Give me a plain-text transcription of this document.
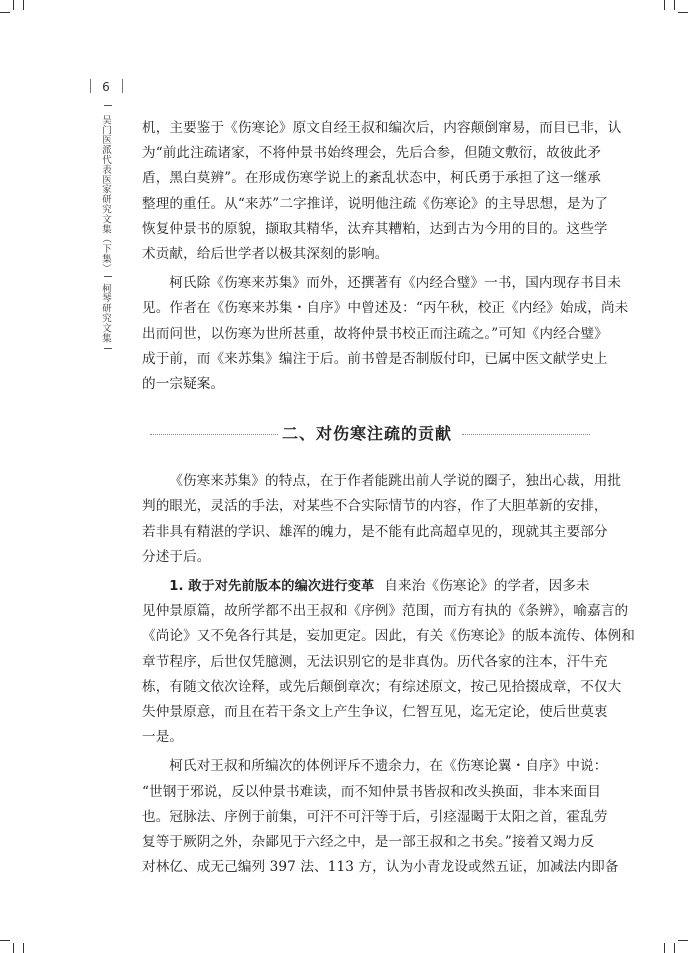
6
吴门医派代表医家研究文集（下集）柯琴研究文集

机，主要鉴于《伤寒论》原文自经王叔和编次后，内容颠倒窜易，而目已非，认
为“前此注疏诸家，不将仲景书始终理会，先后合参，但随文敷衍，故彼此矛
盾，黑白莫辨”。在形成伤寒学说上的紊乱状态中，柯氏勇于承担了这一继承
整理的重任。从“来苏”二字推详，说明他注疏《伤寒论》的主导思想，是为了
恢复仲景书的原貌，撷取其精华，汰弃其糟粕，达到古为今用的目的。这些学
术贡献，给后世学者以极其深刻的影响。

柯氏除《伤寒来苏集》而外，还撰著有《内经合璧》一书，国内现存书目未
见。作者在《伤寒来苏集・自序》中曾述及：“丙午秋，校正《内经》始成，尚未
出而问世，以伤寒为世所甚重，故将仲景书校正而注疏之。”可知《内经合璧》
成于前，而《来苏集》编注于后。前书曾是否制版付印，已属中医文献学史上
的一宗疑案。

二、对伤寒注疏的贡献

《伤寒来苏集》的特点，在于作者能跳出前人学说的圈子，独出心裁，用批
判的眼光，灵活的手法，对某些不合实际情节的内容，作了大胆革新的安排，
若非具有精湛的学识、雄浑的魄力，是不能有此高超卓见的，现就其主要部分
分述于后。

1. 敢于对先前版本的编次进行变革 自来治《伤寒论》的学者，因多未
见仲景原篇，故所学都不出王叔和《序例》范围，而方有执的《条辨》，喻嘉言的
《尚论》又不免各行其是，妄加更定。因此，有关《伤寒论》的版本流传、体例和
章节程序，后世仅凭臆测，无法识别它的是非真伪。历代各家的注本，汗牛充
栋，有随文依次诠释，或先后颠倒章次；有综述原文，按己见拾掇成章，不仅大
失仲景原意，而且在若干条文上产生争议，仁智互见，迄无定论，使后世莫衷
一是。

柯氏对王叔和所编次的体例评斥不遗余力，在《伤寒论翼・自序》中说：
“世钢于邪说，反以仲景书难读，而不知仲景书皆叔和改头换面，非本来面目
也。冠脉法、序例于前集，可汗不可汗等于后，引痉湿暍于太阳之首，霍乱劳
复等于厥阴之外，杂鄙见于六经之中，是一部王叔和之书矣。”接着又竭力反
对林亿、成无己编列 397 法、113 方，认为小青龙设或然五证，加减法内即备
